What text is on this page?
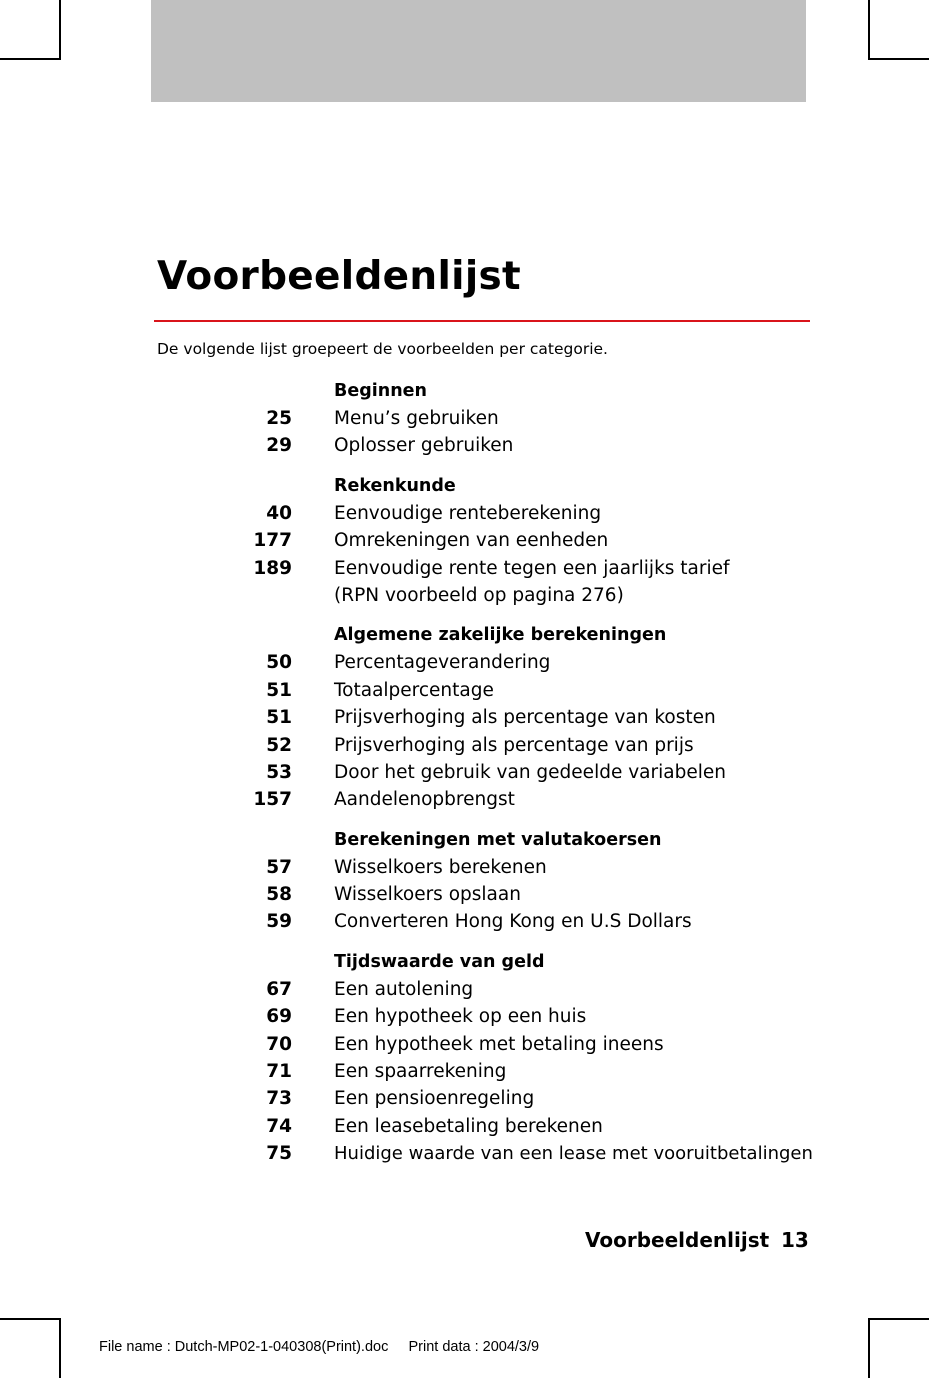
Voorbeeldenlijst
De volgende lijst groepeert de voorbeelden per categorie.
Beginnen
25 Menu’s gebruiken
29 Oplosser gebruiken
Rekenkunde
40 Eenvoudige renteberekening
177 Omrekeningen van eenheden
189 Eenvoudige rente tegen een jaarlijks tarief (RPN voorbeeld op pagina 276)
Algemene zakelijke berekeningen
50 Percentageverandering
51 Totaalpercentage
51 Prijsverhoging als percentage van kosten
52 Prijsverhoging als percentage van prijs
53 Door het gebruik van gedeelde variabelen
157 Aandelenopbrengst
Berekeningen met valutakoersen
57 Wisselkoers berekenen
58 Wisselkoers opslaan
59 Converteren Hong Kong en U.S Dollars
Tijdswaarde van geld
67 Een autolening
69 Een hypotheek op een huis
70 Een hypotheek met betaling ineens
71 Een spaarrekening
73 Een pensioenregeling
74 Een leasebetaling berekenen
75 Huidige waarde van een lease met vooruitbetalingen
Voorbeeldenlijst 13
File name : Dutch-MP02-1-040308(Print).doc Print data : 2004/3/9
